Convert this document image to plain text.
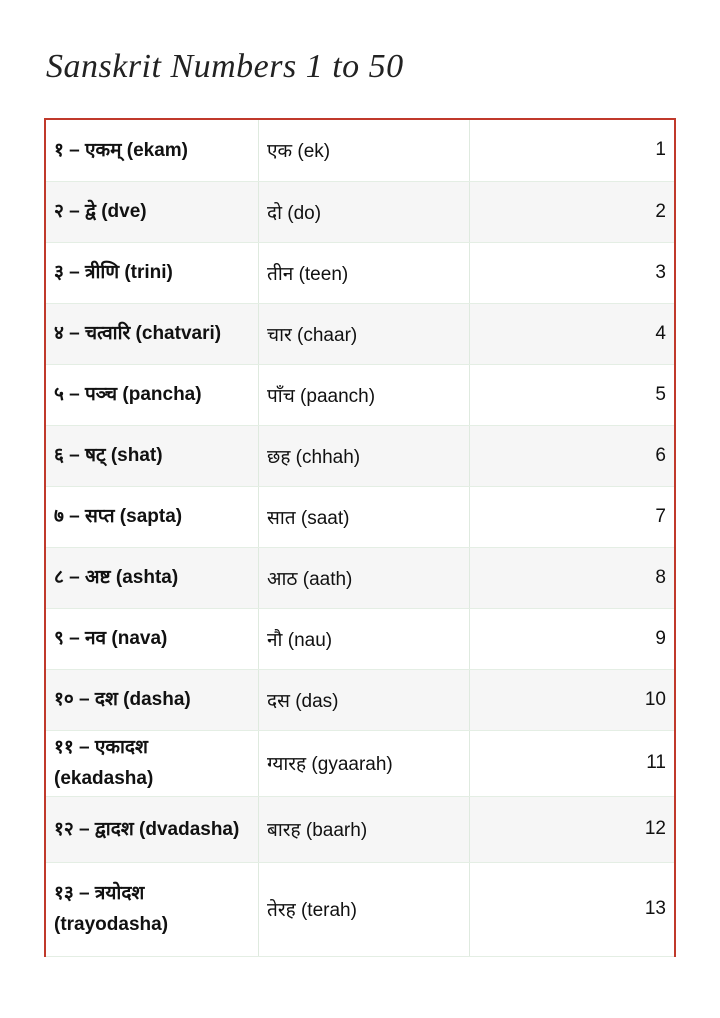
Sanskrit Numbers 1 to 50
१ – एकम् (ekam)	एक (ek)	1
२ – द्वे (dve)	दो (do)	2
३ – त्रीणि (trini)	तीन (teen)	3
४ – चत्वारि (chatvari)	चार (chaar)	4
५ – पञ्च (pancha)	पाँच (paanch)	5
६ – षट् (shat)	छह (chhah)	6
७ – सप्त (sapta)	सात (saat)	7
८ – अष्ट (ashta)	आठ (aath)	8
९ – नव (nava)	नौ (nau)	9
१० – दश (dasha)	दस (das)	10
११ – एकादश (ekadasha)	ग्यारह (gyaarah)	11
१२ – द्वादश (dvadasha)	बारह (baarh)	12
१३ – त्रयोदश (trayodasha)	तेरह (terah)	13
